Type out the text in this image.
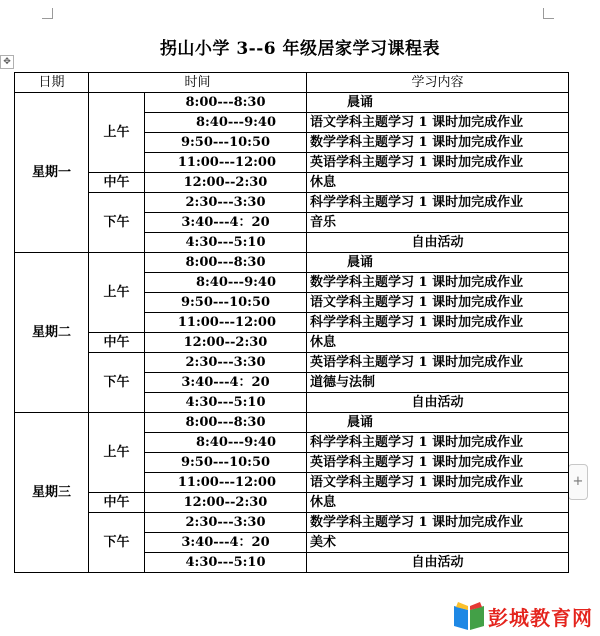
✥
+
拐山小学 3--6 年级居家学习课程表
日期	时间		学习内容
星期一	上午	8:00---8:30	晨诵
		8:40---9:40	语文学科主题学习 1 课时加完成作业
		9:50---10:50	数学学科主题学习 1 课时加完成作业
		11:00---12:00	英语学科主题学习 1 课时加完成作业
	中午	12:00--2:30	休息
	下午	2:30---3:30	科学学科主题学习 1 课时加完成作业
		3:40---4：20	音乐
		4:30---5:10	自由活动
星期二	上午	8:00---8:30	晨诵
		8:40---9:40	数学学科主题学习 1 课时加完成作业
		9:50---10:50	语文学科主题学习 1 课时加完成作业
		11:00---12:00	科学学科主题学习 1 课时加完成作业
	中午	12:00--2:30	休息
	下午	2:30---3:30	英语学科主题学习 1 课时加完成作业
		3:40---4：20	道德与法制
		4:30---5:10	自由活动
星期三	上午	8:00---8:30	晨诵
		8:40---9:40	科学学科主题学习 1 课时加完成作业
		9:50---10:50	英语学科主题学习 1 课时加完成作业
		11:00---12:00	语文学科主题学习 1 课时加完成作业
	中午	12:00--2:30	休息
	下午	2:30---3:30	数学学科主题学习 1 课时加完成作业
		3:40---4：20	美术
		4:30---5:10	自由活动
彭城教育网
